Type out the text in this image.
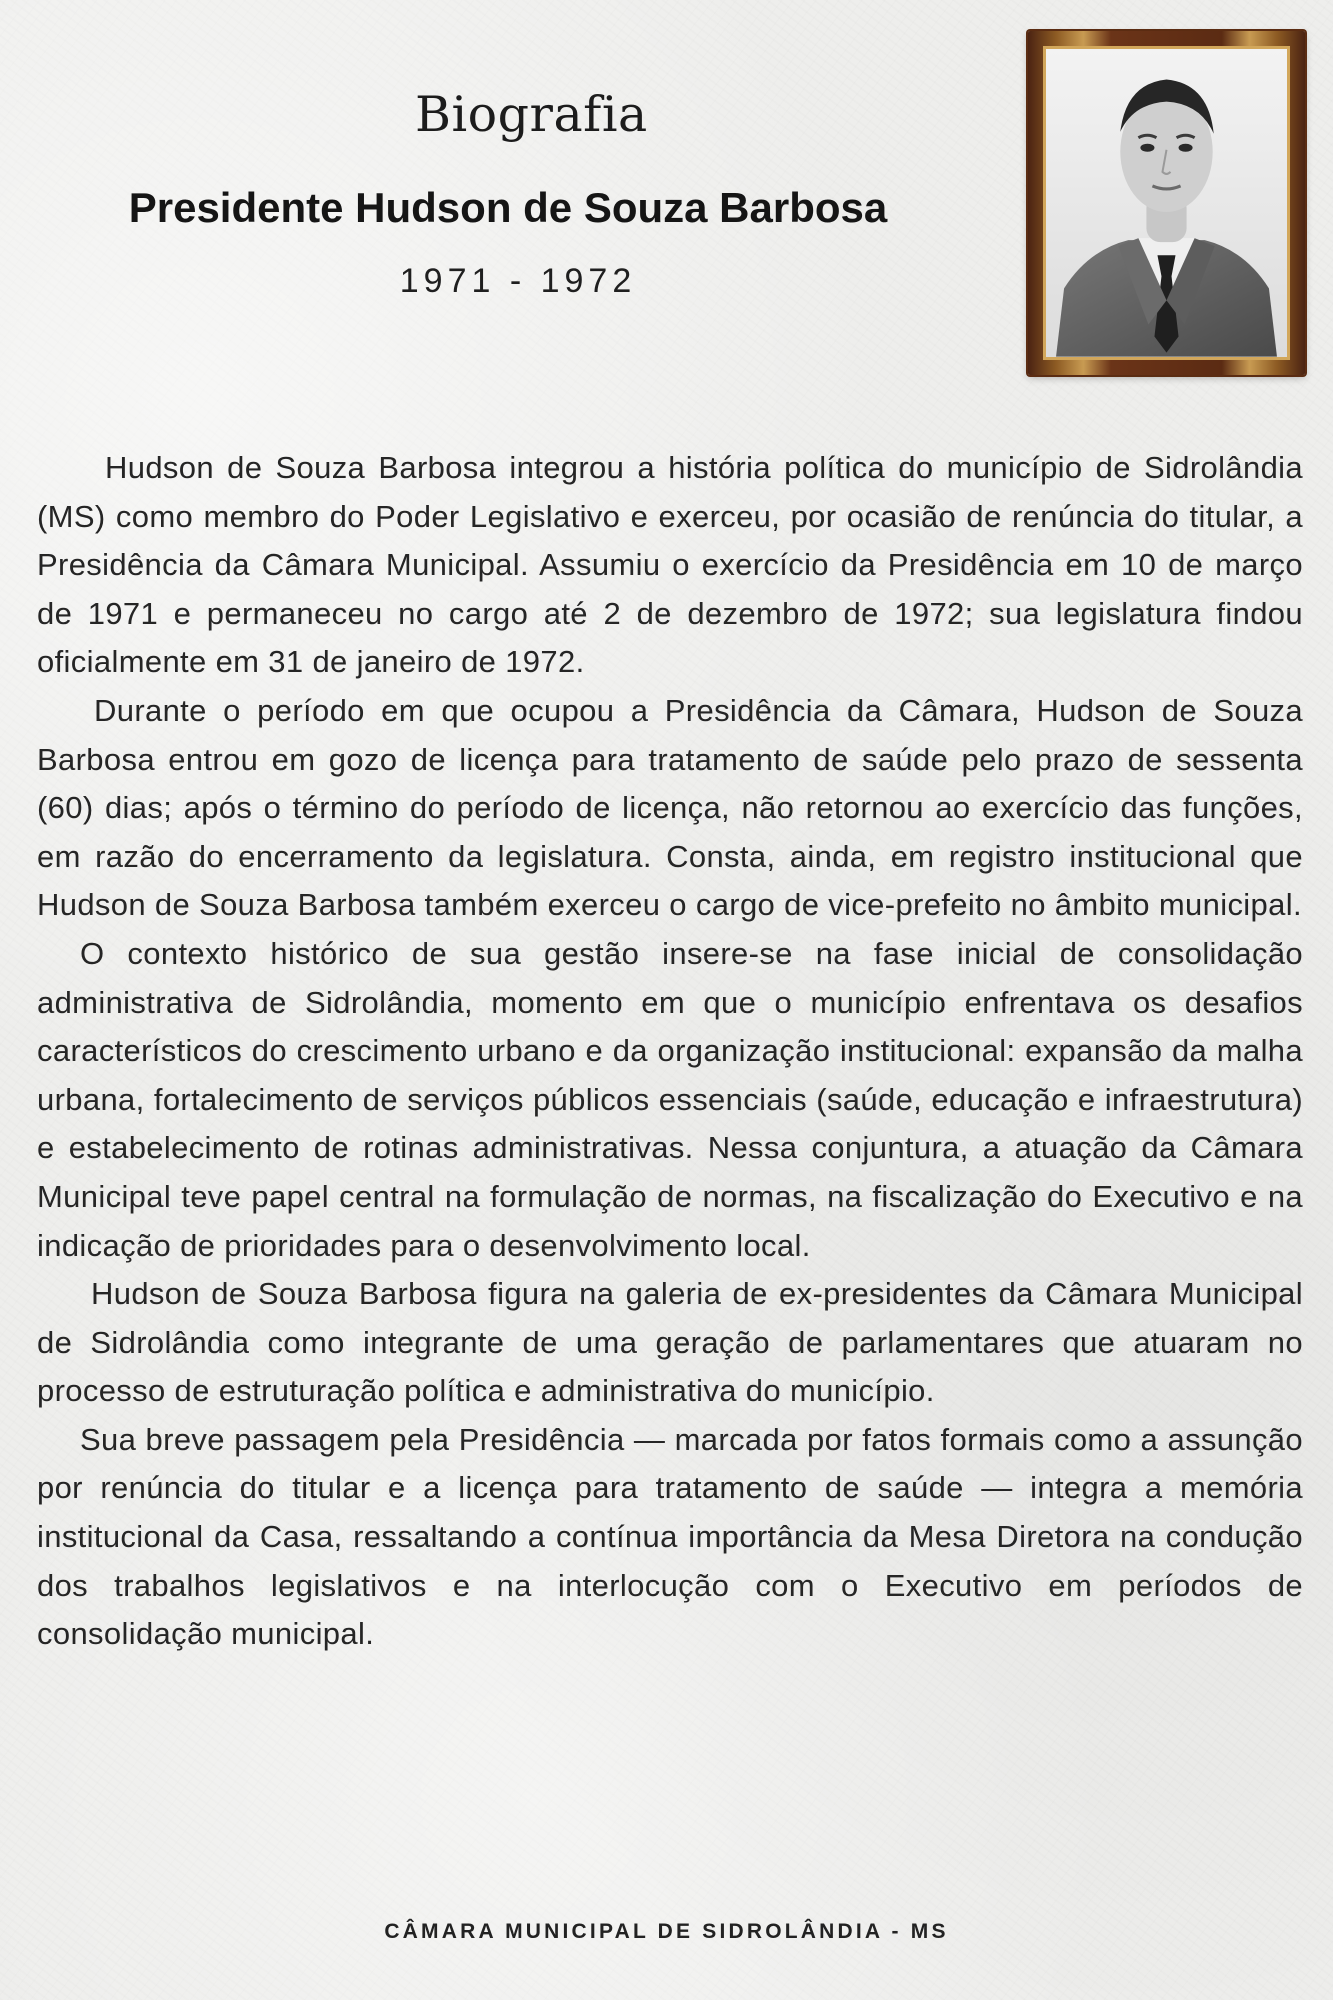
Biografia
Presidente Hudson de Souza Barbosa
1971 - 1972

Hudson de Souza Barbosa integrou a história política do município de Sidrolândia (MS) como membro do Poder Legislativo e exerceu, por ocasião de renúncia do titular, a Presidência da Câmara Municipal. Assumiu o exercício da Presidência em 10 de março de 1971 e permaneceu no cargo até 2 de dezembro de 1972; sua legislatura findou oficialmente em 31 de janeiro de 1972.

Durante o período em que ocupou a Presidência da Câmara, Hudson de Souza Barbosa entrou em gozo de licença para tratamento de saúde pelo prazo de sessenta (60) dias; após o término do período de licença, não retornou ao exercício das funções, em razão do encerramento da legislatura. Consta, ainda, em registro institucional que Hudson de Souza Barbosa também exerceu o cargo de vice-prefeito no âmbito municipal.

O contexto histórico de sua gestão insere-se na fase inicial de consolidação administrativa de Sidrolândia, momento em que o município enfrentava os desafios característicos do crescimento urbano e da organização institucional: expansão da malha urbana, fortalecimento de serviços públicos essenciais (saúde, educação e infraestrutura) e estabelecimento de rotinas administrativas. Nessa conjuntura, a atuação da Câmara Municipal teve papel central na formulação de normas, na fiscalização do Executivo e na indicação de prioridades para o desenvolvimento local.

Hudson de Souza Barbosa figura na galeria de ex-presidentes da Câmara Municipal de Sidrolândia como integrante de uma geração de parlamentares que atuaram no processo de estruturação política e administrativa do município.

Sua breve passagem pela Presidência — marcada por fatos formais como a assunção por renúncia do titular e a licença para tratamento de saúde — integra a memória institucional da Casa, ressaltando a contínua importância da Mesa Diretora na condução dos trabalhos legislativos e na interlocução com o Executivo em períodos de consolidação municipal.

CÂMARA MUNICIPAL DE SIDROLÂNDIA - MS
